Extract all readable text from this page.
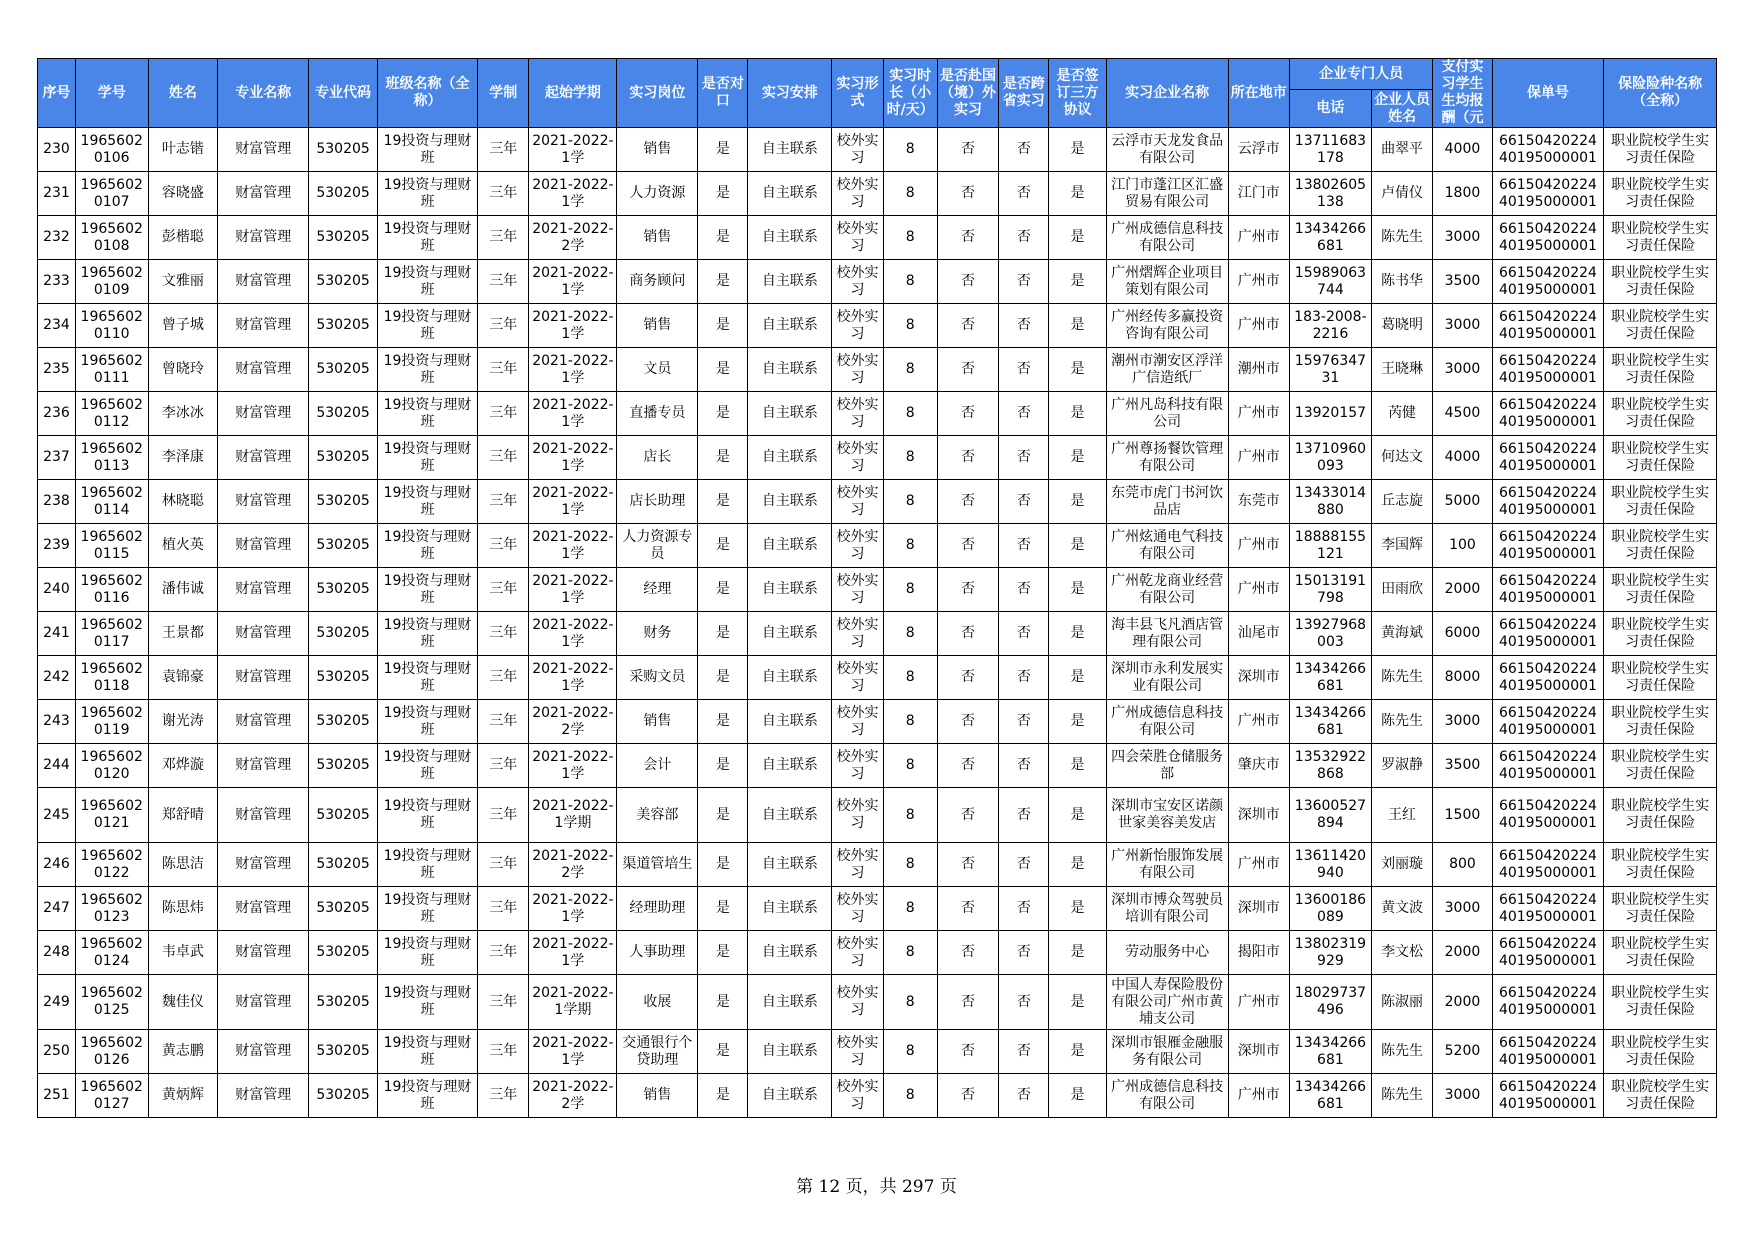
序号	学号	姓名	专业名称	专业代码	班级名称（全称）	学制	起始学期	实习岗位	是否对口	实习安排	实习形式	实习时长（小时/天）	是否赴国（境）外实习	是否跨省实习	是否签订三方协议	实习企业名称	所在地市	企业专门人员		支付实习学生生均报酬（元	保单号	保险险种名称（全称）
																		电话	企业人员姓名			
230	19656020106	叶志锴	财富管理	530205	19投资与理财班	三年	2021-2022-1学	销售	是	自主联系	校外实习	8	否	否	是	云浮市天龙发食品有限公司	云浮市	13711683178	曲翠平	4000	6615042022440195000001	职业院校学生实习责任保险
231	19656020107	容晓盛	财富管理	530205	19投资与理财班	三年	2021-2022-1学	人力资源	是	自主联系	校外实习	8	否	否	是	江门市蓬江区汇盛贸易有限公司	江门市	13802605138	卢倩仪	1800	6615042022440195000001	职业院校学生实习责任保险
232	19656020108	彭楷聪	财富管理	530205	19投资与理财班	三年	2021-2022-2学	销售	是	自主联系	校外实习	8	否	否	是	广州成德信息科技有限公司	广州市	13434266681	陈先生	3000	6615042022440195000001	职业院校学生实习责任保险
233	19656020109	文雅丽	财富管理	530205	19投资与理财班	三年	2021-2022-1学	商务顾问	是	自主联系	校外实习	8	否	否	是	广州熠辉企业项目策划有限公司	广州市	15989063744	陈书华	3500	6615042022440195000001	职业院校学生实习责任保险
234	19656020110	曾子城	财富管理	530205	19投资与理财班	三年	2021-2022-1学	销售	是	自主联系	校外实习	8	否	否	是	广州经传多赢投资咨询有限公司	广州市	183-2008-2216	葛晓明	3000	6615042022440195000001	职业院校学生实习责任保险
235	19656020111	曾晓玲	财富管理	530205	19投资与理财班	三年	2021-2022-1学	文员	是	自主联系	校外实习	8	否	否	是	潮州市潮安区浮洋广信造纸厂	潮州市	1597634731	王晓琳	3000	6615042022440195000001	职业院校学生实习责任保险
236	19656020112	李冰冰	财富管理	530205	19投资与理财班	三年	2021-2022-1学	直播专员	是	自主联系	校外实习	8	否	否	是	广州凡岛科技有限公司	广州市	13920157	芮健	4500	6615042022440195000001	职业院校学生实习责任保险
237	19656020113	李泽康	财富管理	530205	19投资与理财班	三年	2021-2022-1学	店长	是	自主联系	校外实习	8	否	否	是	广州尊扬餐饮管理有限公司	广州市	13710960093	何达文	4000	6615042022440195000001	职业院校学生实习责任保险
238	19656020114	林晓聪	财富管理	530205	19投资与理财班	三年	2021-2022-1学	店长助理	是	自主联系	校外实习	8	否	否	是	东莞市虎门书河饮品店	东莞市	13433014880	丘志旋	5000	6615042022440195000001	职业院校学生实习责任保险
239	19656020115	植火英	财富管理	530205	19投资与理财班	三年	2021-2022-1学	人力资源专员	是	自主联系	校外实习	8	否	否	是	广州炫通电气科技有限公司	广州市	18888155121	李国辉	100	6615042022440195000001	职业院校学生实习责任保险
240	19656020116	潘伟诚	财富管理	530205	19投资与理财班	三年	2021-2022-1学	经理	是	自主联系	校外实习	8	否	否	是	广州乾龙商业经营有限公司	广州市	15013191798	田雨欣	2000	6615042022440195000001	职业院校学生实习责任保险
241	19656020117	王景都	财富管理	530205	19投资与理财班	三年	2021-2022-1学	财务	是	自主联系	校外实习	8	否	否	是	海丰县飞凡酒店管理有限公司	汕尾市	13927968003	黄海斌	6000	6615042022440195000001	职业院校学生实习责任保险
242	19656020118	袁锦豪	财富管理	530205	19投资与理财班	三年	2021-2022-1学	采购文员	是	自主联系	校外实习	8	否	否	是	深圳市永利发展实业有限公司	深圳市	13434266681	陈先生	8000	6615042022440195000001	职业院校学生实习责任保险
243	19656020119	谢光涛	财富管理	530205	19投资与理财班	三年	2021-2022-2学	销售	是	自主联系	校外实习	8	否	否	是	广州成德信息科技有限公司	广州市	13434266681	陈先生	3000	6615042022440195000001	职业院校学生实习责任保险
244	19656020120	邓烨漩	财富管理	530205	19投资与理财班	三年	2021-2022-1学	会计	是	自主联系	校外实习	8	否	否	是	四会荣胜仓储服务部	肇庆市	13532922868	罗淑静	3500	6615042022440195000001	职业院校学生实习责任保险
245	19656020121	郑舒晴	财富管理	530205	19投资与理财班	三年	2021-2022-1学期	美容部	是	自主联系	校外实习	8	否	否	是	深圳市宝安区诺颜世家美容美发店	深圳市	13600527894	王红	1500	6615042022440195000001	职业院校学生实习责任保险
246	19656020122	陈思洁	财富管理	530205	19投资与理财班	三年	2021-2022-2学	渠道管培生	是	自主联系	校外实习	8	否	否	是	广州新怡服饰发展有限公司	广州市	13611420940	刘丽璇	800	6615042022440195000001	职业院校学生实习责任保险
247	19656020123	陈思炜	财富管理	530205	19投资与理财班	三年	2021-2022-1学	经理助理	是	自主联系	校外实习	8	否	否	是	深圳市博众驾驶员培训有限公司	深圳市	13600186089	黄文波	3000	6615042022440195000001	职业院校学生实习责任保险
248	19656020124	韦卓武	财富管理	530205	19投资与理财班	三年	2021-2022-1学	人事助理	是	自主联系	校外实习	8	否	否	是	劳动服务中心	揭阳市	13802319929	李文松	2000	6615042022440195000001	职业院校学生实习责任保险
249	19656020125	魏佳仪	财富管理	530205	19投资与理财班	三年	2021-2022-1学期	收展	是	自主联系	校外实习	8	否	否	是	中国人寿保险股份有限公司广州市黄埔支公司	广州市	18029737496	陈淑丽	2000	6615042022440195000001	职业院校学生实习责任保险
250	19656020126	黄志鹏	财富管理	530205	19投资与理财班	三年	2021-2022-1学	交通银行个贷助理	是	自主联系	校外实习	8	否	否	是	深圳市银雁金融服务有限公司	深圳市	13434266681	陈先生	5200	6615042022440195000001	职业院校学生实习责任保险
251	19656020127	黄炳辉	财富管理	530205	19投资与理财班	三年	2021-2022-2学	销售	是	自主联系	校外实习	8	否	否	是	广州成德信息科技有限公司	广州市	13434266681	陈先生	3000	6615042022440195000001	职业院校学生实习责任保险
第 12 页，共 297 页
